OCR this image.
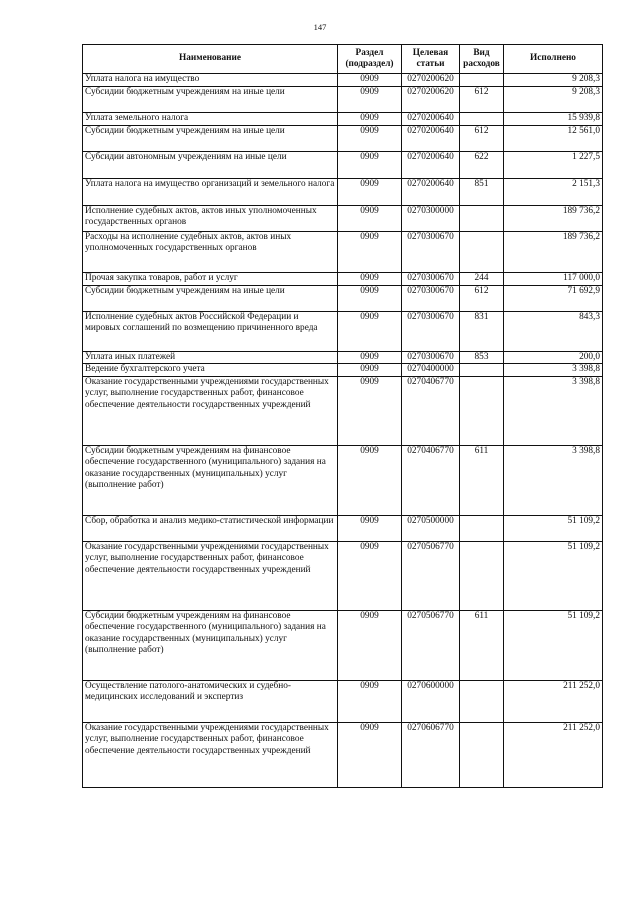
147
Наименование	Раздел (подраздел)	Целевая статьи	Вид расходов	Исполнено
Уплата налога на имущество	0909	0270200620		9 208,3
Субсидии бюджетным учреждениям на иные цели	0909	0270200620	612	9 208,3
Уплата земельного налога	0909	0270200640		15 939,8
Субсидии бюджетным учреждениям на иные цели	0909	0270200640	612	12 561,0
Субсидии автономным учреждениям на иные цели	0909	0270200640	622	1 227,5
Уплата налога на имущество организаций и земельного налога	0909	0270200640	851	2 151,3
Исполнение судебных актов, актов иных уполномоченных государственных органов	0909	0270300000		189 736,2
Расходы на исполнение судебных актов, актов иных уполномоченных государственных органов	0909	0270300670		189 736,2
Прочая закупка товаров, работ и услуг	0909	0270300670	244	117 000,0
Субсидии бюджетным учреждениям на иные цели	0909	0270300670	612	71 692,9
Исполнение судебных актов Российской Федерации и мировых соглашений по возмещению причиненного вреда	0909	0270300670	831	843,3
Уплата иных платежей	0909	0270300670	853	200,0
Ведение бухгалтерского учета	0909	0270400000		3 398,8
Оказание государственными учреждениями государственных услуг, выполнение государственных работ, финансовое обеспечение деятельности государственных учреждений	0909	0270406770		3 398,8
Субсидии бюджетным учреждениям на финансовое обеспечение государственного (муниципального) задания на оказание государственных (муниципальных) услуг (выполнение работ)	0909	0270406770	611	3 398,8
Сбор, обработка и анализ медико-статистической информации	0909	0270500000		51 109,2
Оказание государственными учреждениями государственных услуг, выполнение государственных работ, финансовое обеспечение деятельности государственных учреждений	0909	0270506770		51 109,2
Субсидии бюджетным учреждениям на финансовое обеспечение государственного (муниципального) задания на оказание государственных (муниципальных) услуг (выполнение работ)	0909	0270506770	611	51 109,2
Осуществление патолого-анатомических и судебно-медицинских исследований и экспертиз	0909	0270600000		211 252,0
Оказание государственными учреждениями государственных услуг, выполнение государственных работ, финансовое обеспечение деятельности государственных учреждений	0909	0270606770		211 252,0
